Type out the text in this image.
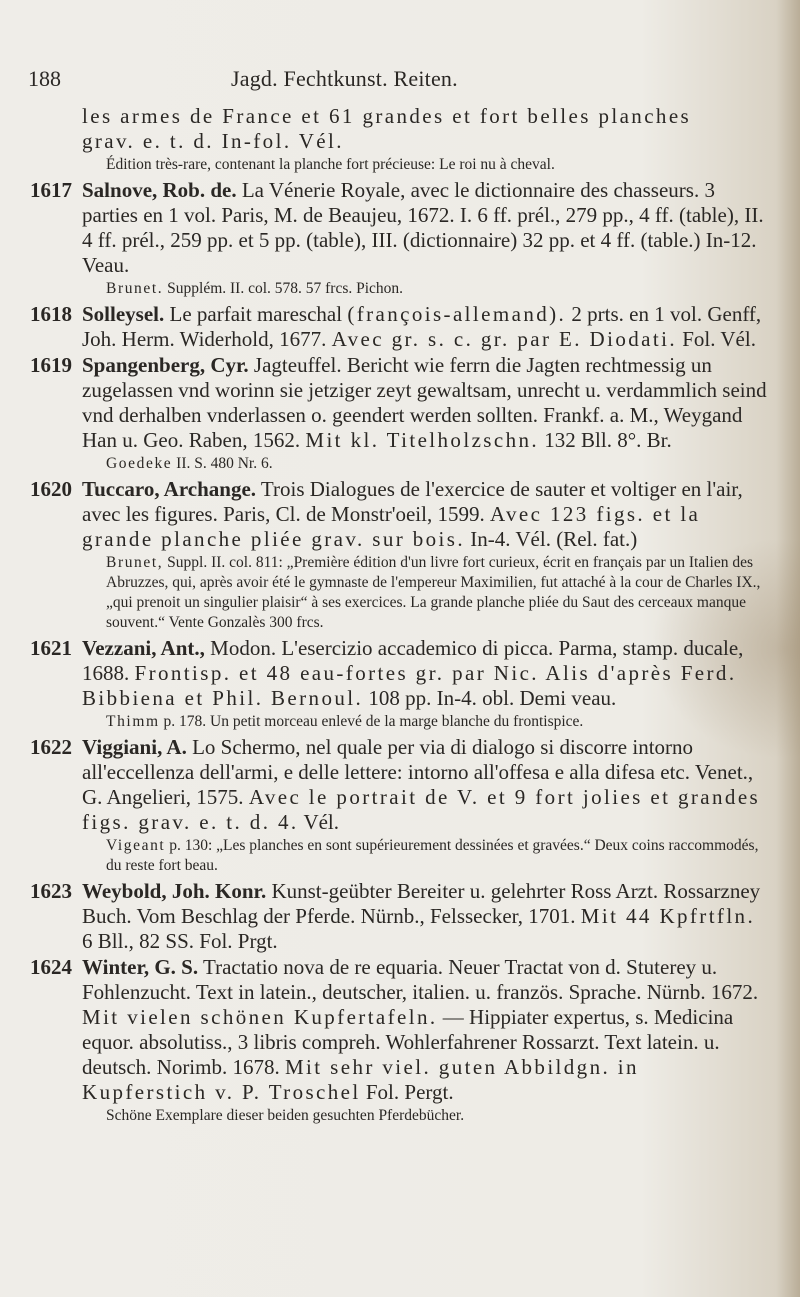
188	Jagd. Fechtkunst. Reiten.
les armes de France et 61 grandes et fort belles planches
grav. e. t. d. In-fol. Vél.
Édition très-rare, contenant la planche fort précieuse: Le roi nu à cheval.
1617 Salnove, Rob. de. La Vénerie Royale, avec le dictionnaire des chasseurs. 3 parties en 1 vol. Paris, M. de Beaujeu, 1672. I. 6 ff. prél., 279 pp., 4 ff. (table), II. 4 ff. prél., 259 pp. et 5 pp. (table), III. (dictionnaire) 32 pp. et 4 ff. (table.) In-12. Veau.

Brunet. Supplém. II. col. 578. 57 frcs. Pichon.
1618 Solleysel. Le parfait mareschal (françois-allemand). 2 prts. en 1 vol. Genff, Joh. Herm. Widerhold, 1677. Avec gr. s. c. gr. par E. Diodati. Fol. Vél.

1619 Spangenberg, Cyr. Jagteuffel. Bericht wie ferrn die Jagten rechtmessig un zugelassen vnd worinn sie jetziger zeyt gewaltsam, unrecht u. verdammlich seind vnd derhalben vnderlassen o. geendert werden sollten. Frankf. a. M., Weygand Han u. Geo. Raben, 1562. Mit kl. Titelholzschn. 132 Bll. 8°. Br.

Goedeke II. S. 480 Nr. 6.
1620 Tuccaro, Archange. Trois Dialogues de l'exercice de sauter et voltiger en l'air, avec les figures. Paris, Cl. de Monstr'oeil, 1599. Avec 123 figs. et la grande planche pliée grav. sur bois. In-4. Vél. (Rel. fat.)

Brunet, Suppl. II. col. 811: „Première édition d'un livre fort curieux, écrit en français par un Italien des Abruzzes, qui, après avoir été le gymnaste de l'empereur Maximilien, fut attaché à la cour de Charles IX., „qui prenoit un singulier plaisir“ à ses exercices. La grande planche pliée du Saut des cerceaux manque souvent.“ Vente Gonzalès 300 frcs.
1621 Vezzani, Ant., Modon. L'esercizio accademico di picca. Parma, stamp. ducale, 1688. Frontisp. et 48 eau-fortes gr. par Nic. Alis d'après Ferd. Bibbiena et Phil. Bernoul. 108 pp. In-4. obl. Demi veau.

Thimm p. 178. Un petit morceau enlevé de la marge blanche du frontispice.
1622 Viggiani, A. Lo Schermo, nel quale per via di dialogo si discorre intorno all'eccellenza dell'armi, e delle lettere: intorno all'offesa e alla difesa etc. Venet., G. Angelieri, 1575. Avec le portrait de V. et 9 fort jolies et grandes figs. grav. e. t. d. 4. Vél.

Vigeant p. 130: „Les planches en sont supérieurement dessinées et gravées.“ Deux coins raccommodés, du reste fort beau.
1623 Weybold, Joh. Konr. Kunst-geübter Bereiter u. gelehrter Ross Arzt. Rossarzney Buch. Vom Beschlag der Pferde. Nürnb., Felssecker, 1701. Mit 44 Kpfrtfln. 6 Bll., 82 SS. Fol. Prgt.

1624 Winter, G. S. Tractatio nova de re equaria. Neuer Tractat von d. Stuterey u. Fohlenzucht. Text in latein., deutscher, italien. u. französ. Sprache. Nürnb. 1672. Mit vielen schönen Kupfertafeln. — Hippiater expertus, s. Medicina equor. absolutiss., 3 libris compreh. Wohlerfahrener Rossarzt. Text latein. u. deutsch. Norimb. 1678. Mit sehr viel. guten Abbildgn. in Kupferstich v. P. Troschel Fol. Pergt.

Schöne Exemplare dieser beiden gesuchten Pferdebücher.
